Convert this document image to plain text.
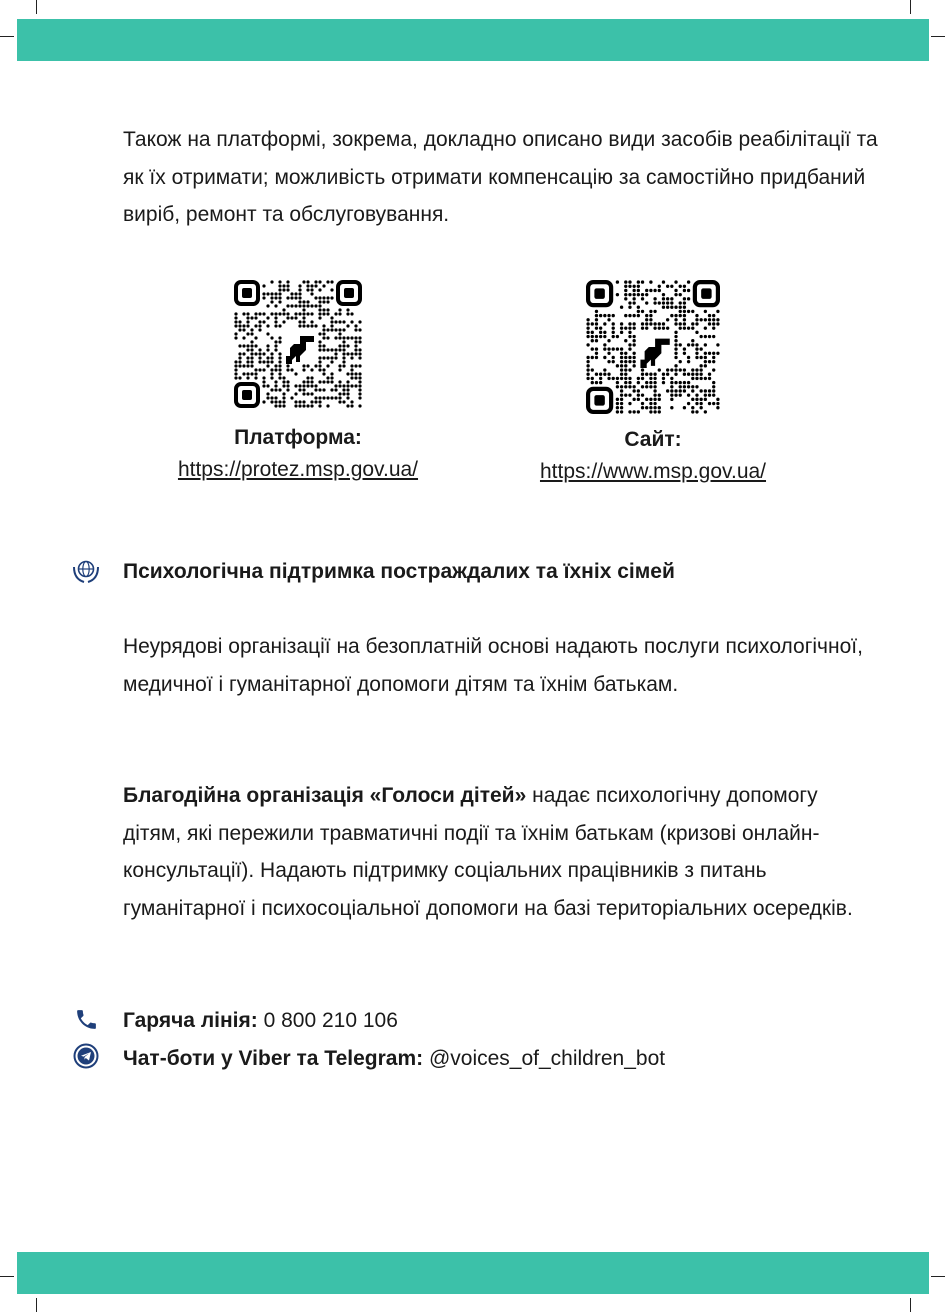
Також на платформі, зокрема, докладно описано види засобів реабілітації та як їх отримати; можливість отримати компенсацію за самостійно придбаний виріб, ремонт та обслуговування.

Платформа:
https://protez.msp.gov.ua/
Сайт:
https://www.msp.gov.ua/
Психологічна підтримка постраждалих та їхніх сімей

Неурядові організації на безоплатній основі надають послуги психологічної, медичної і гуманітарної допомоги дітям та їхнім батькам.

Благодійна організація «Голоси дітей» надає психологічну допомогу дітям, які пережили травматичні події та їхнім батькам (кризові онлайн-консультації). Надають підтримку соціальних працівників з питань гуманітарної і психосоціальної допомоги на базі територіальних осередків.

Гаряча лінія: 0 800 210 106
Чат-боти у Viber та Telegram: @voices_of_children_bot
